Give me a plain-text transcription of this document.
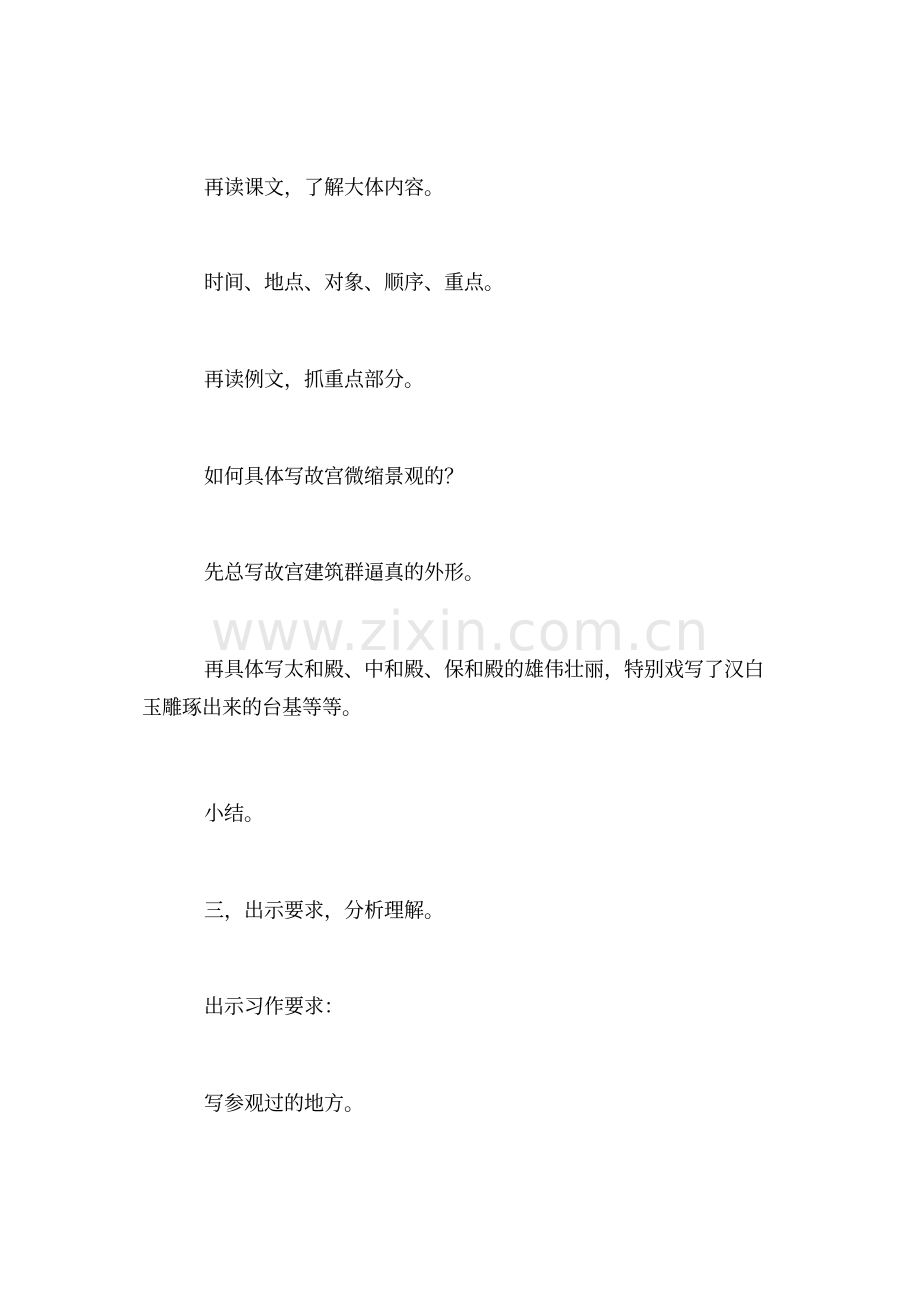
再读课文，了解大体内容。

时间、地点、对象、顺序、重点。

再读例文，抓重点部分。

如何具体写故宫微缩景观的？

先总写故宫建筑群逼真的外形。

再具体写太和殿、中和殿、保和殿的雄伟壮丽，特别戏写了汉白玉雕琢出来的台基等等。

小结。

三，出示要求，分析理解。

出示习作要求：

写参观过的地方。

www.zixin.com.cn
